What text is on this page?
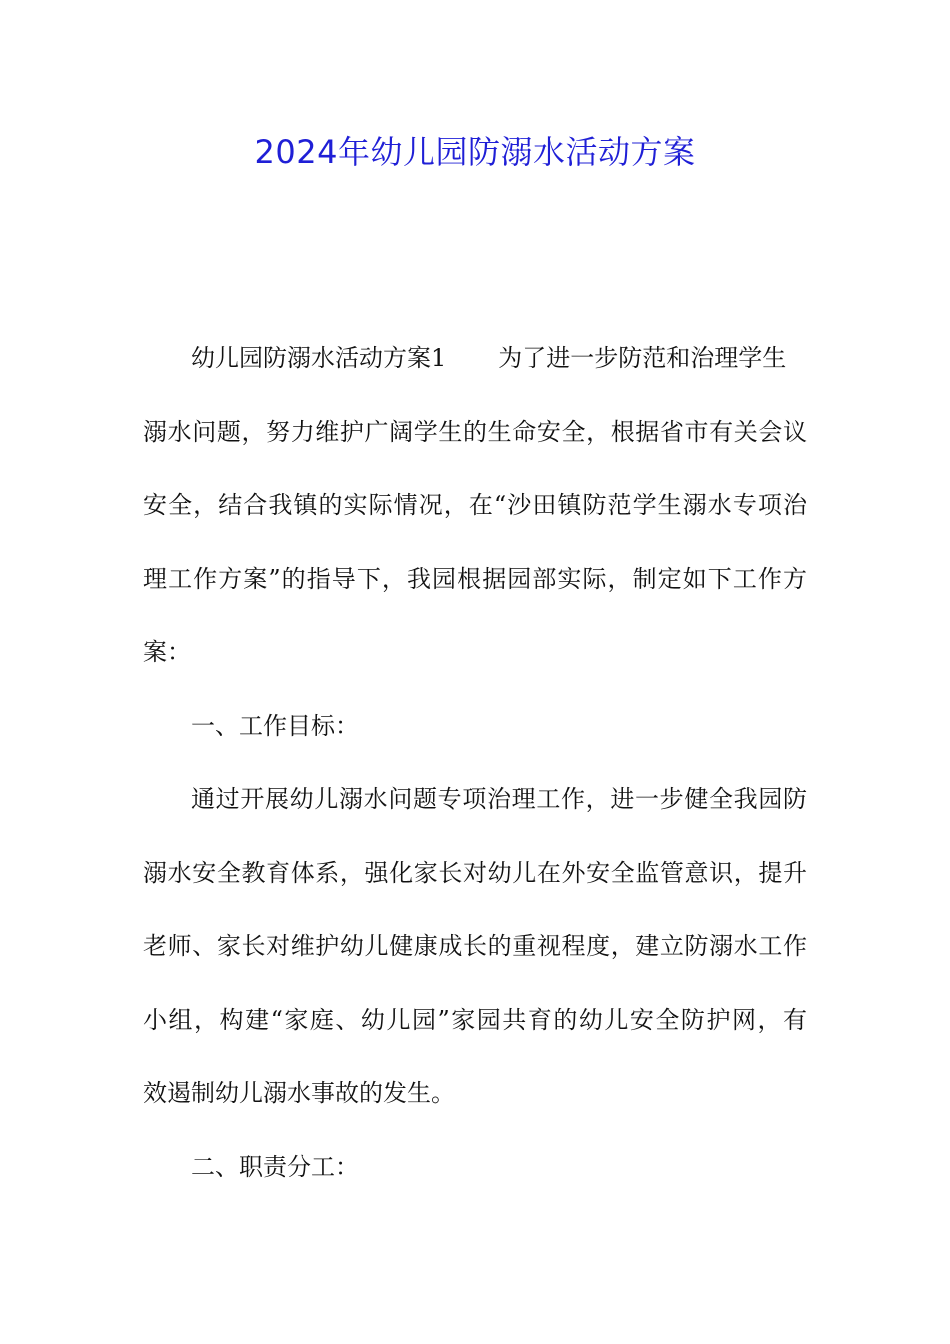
2024年幼儿园防溺水活动方案
幼儿园防溺水活动方案1 为了进一步防范和治理学生
溺水问题，努力维护广阔学生的生命安全，根据省市有关会议
安全，结合我镇的实际情况，在“沙田镇防范学生溺水专项治
理工作方案”的指导下，我园根据园部实际，制定如下工作方
案：
一、工作目标：
通过开展幼儿溺水问题专项治理工作，进一步健全我园防
溺水安全教育体系，强化家长对幼儿在外安全监管意识，提升
老师、家长对维护幼儿健康成长的重视程度，建立防溺水工作
小组，构建“家庭、幼儿园”家园共育的幼儿安全防护网，有
效遏制幼儿溺水事故的发生。
二、职责分工：
